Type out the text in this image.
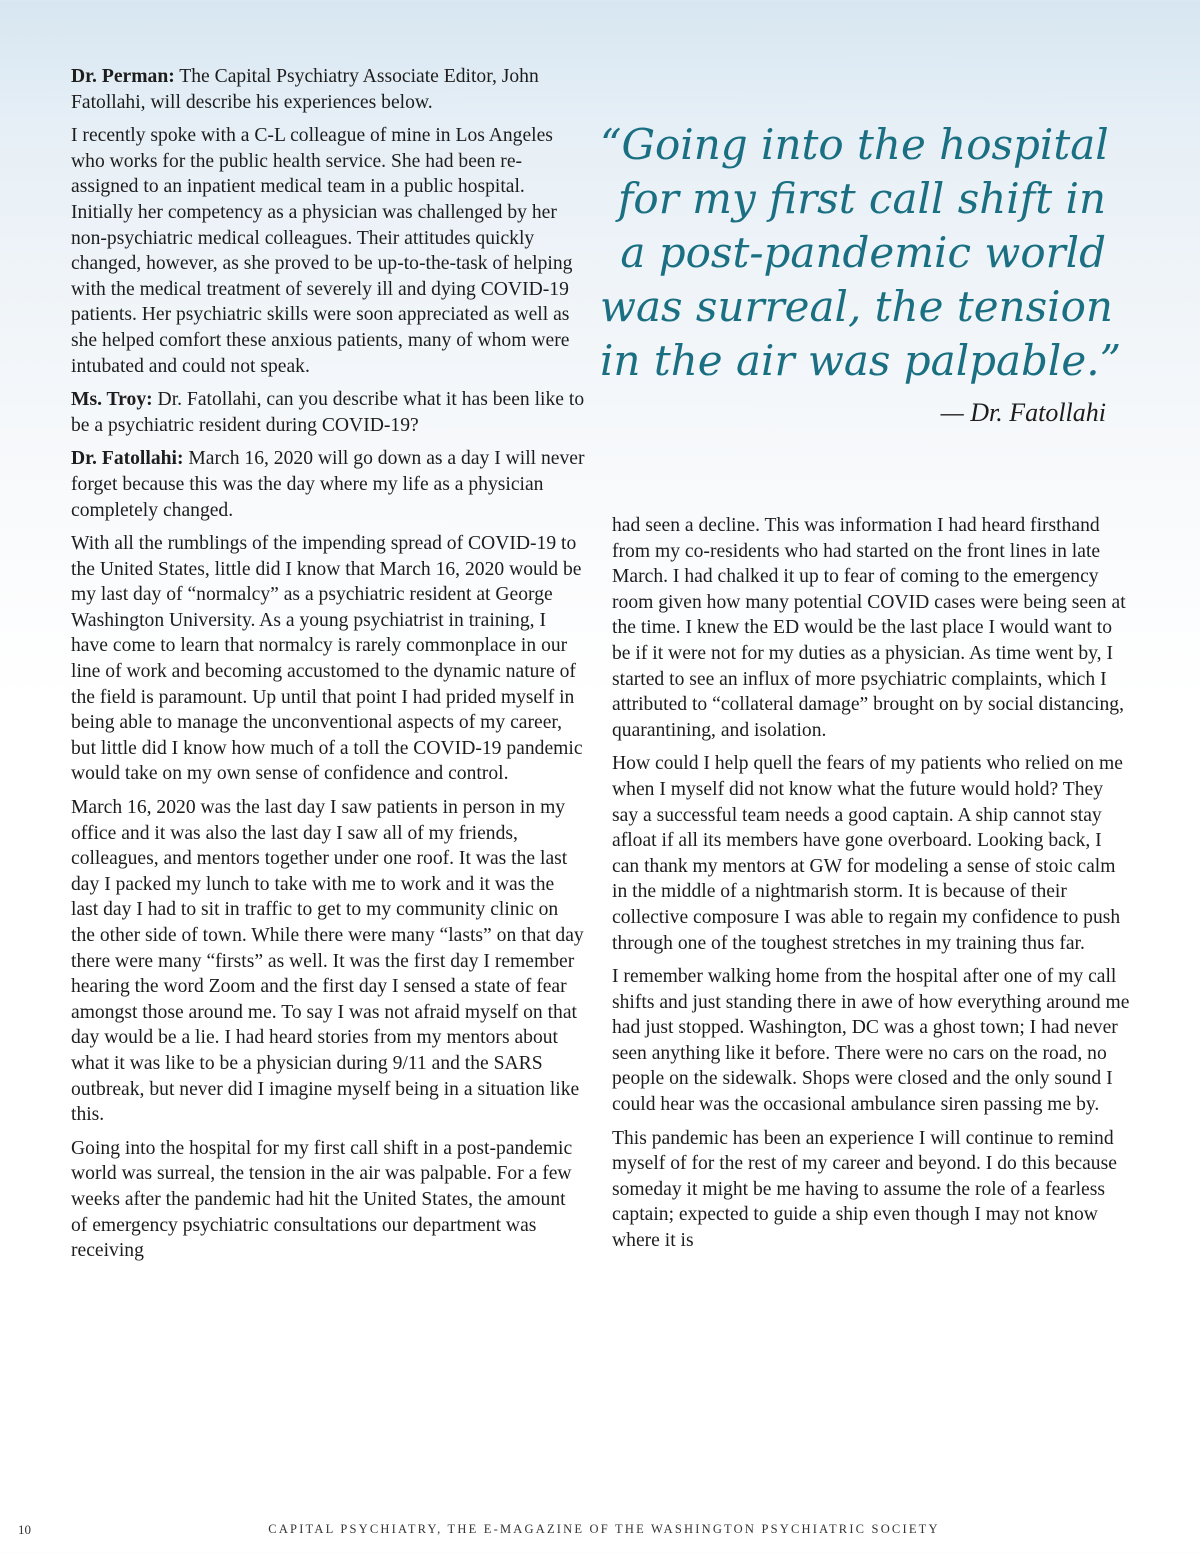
Dr. Perman: The Capital Psychiatry Associate Editor, John Fatollahi, will describe his experiences below.

I recently spoke with a C-L colleague of mine in Los Angeles who works for the public health service. She had been re-assigned to an inpatient medical team in a public hospital. Initially her competency as a physician was challenged by her non-psychiatric medical colleagues. Their attitudes quickly changed, however, as she proved to be up-to-the-task of helping with the medical treatment of severely ill and dying COVID-19 patients. Her psychiatric skills were soon appreciated as well as she helped comfort these anxious patients, many of whom were intubated and could not speak.

Ms. Troy: Dr. Fatollahi, can you describe what it has been like to be a psychiatric resident during COVID-19?

Dr. Fatollahi: March 16, 2020 will go down as a day I will never forget because this was the day where my life as a physician completely changed.

With all the rumblings of the impending spread of COVID-19 to the United States, little did I know that March 16, 2020 would be my last day of “normalcy” as a psychiatric resident at George Washington University. As a young psychiatrist in training, I have come to learn that normalcy is rarely commonplace in our line of work and becoming accustomed to the dynamic nature of the field is paramount. Up until that point I had prided myself in being able to manage the unconventional aspects of my career, but little did I know how much of a toll the COVID-19 pandemic would take on my own sense of confidence and control.

March 16, 2020 was the last day I saw patients in person in my office and it was also the last day I saw all of my friends, colleagues, and mentors together under one roof. It was the last day I packed my lunch to take with me to work and it was the last day I had to sit in traffic to get to my community clinic on the other side of town. While there were many “lasts” on that day there were many “firsts” as well. It was the first day I remember hearing the word Zoom and the first day I sensed a state of fear amongst those around me. To say I was not afraid myself on that day would be a lie. I had heard stories from my mentors about what it was like to be a physician during 9/11 and the SARS outbreak, but never did I imagine myself being in a situation like this.

Going into the hospital for my first call shift in a post-pandemic world was surreal, the tension in the air was palpable. For a few weeks after the pandemic had hit the United States, the amount of emergency psychiatric consultations our department was receiving

“Going into the hospital
for my first call shift in
a post-pandemic world
was surreal, the tension
in the air was palpable.”
— Dr. Fatollahi

had seen a decline. This was information I had heard firsthand from my co-residents who had started on the front lines in late March. I had chalked it up to fear of coming to the emergency room given how many potential COVID cases were being seen at the time. I knew the ED would be the last place I would want to be if it were not for my duties as a physician. As time went by, I started to see an influx of more psychiatric complaints, which I attributed to “collateral damage” brought on by social distancing, quarantining, and isolation.

How could I help quell the fears of my patients who relied on me when I myself did not know what the future would hold? They say a successful team needs a good captain. A ship cannot stay afloat if all its members have gone overboard. Looking back, I can thank my mentors at GW for modeling a sense of stoic calm in the middle of a nightmarish storm. It is because of their collective composure I was able to regain my confidence to push through one of the toughest stretches in my training thus far.

I remember walking home from the hospital after one of my call shifts and just standing there in awe of how everything around me had just stopped. Washington, DC was a ghost town; I had never seen anything like it before. There were no cars on the road, no people on the sidewalk. Shops were closed and the only sound I could hear was the occasional ambulance siren passing me by.

This pandemic has been an experience I will continue to remind myself of for the rest of my career and beyond. I do this because someday it might be me having to assume the role of a fearless captain; expected to guide a ship even though I may not know where it is

10	CAPITAL PSYCHIATRY, THE E-MAGAZINE OF THE WASHINGTON PSYCHIATRIC SOCIETY
